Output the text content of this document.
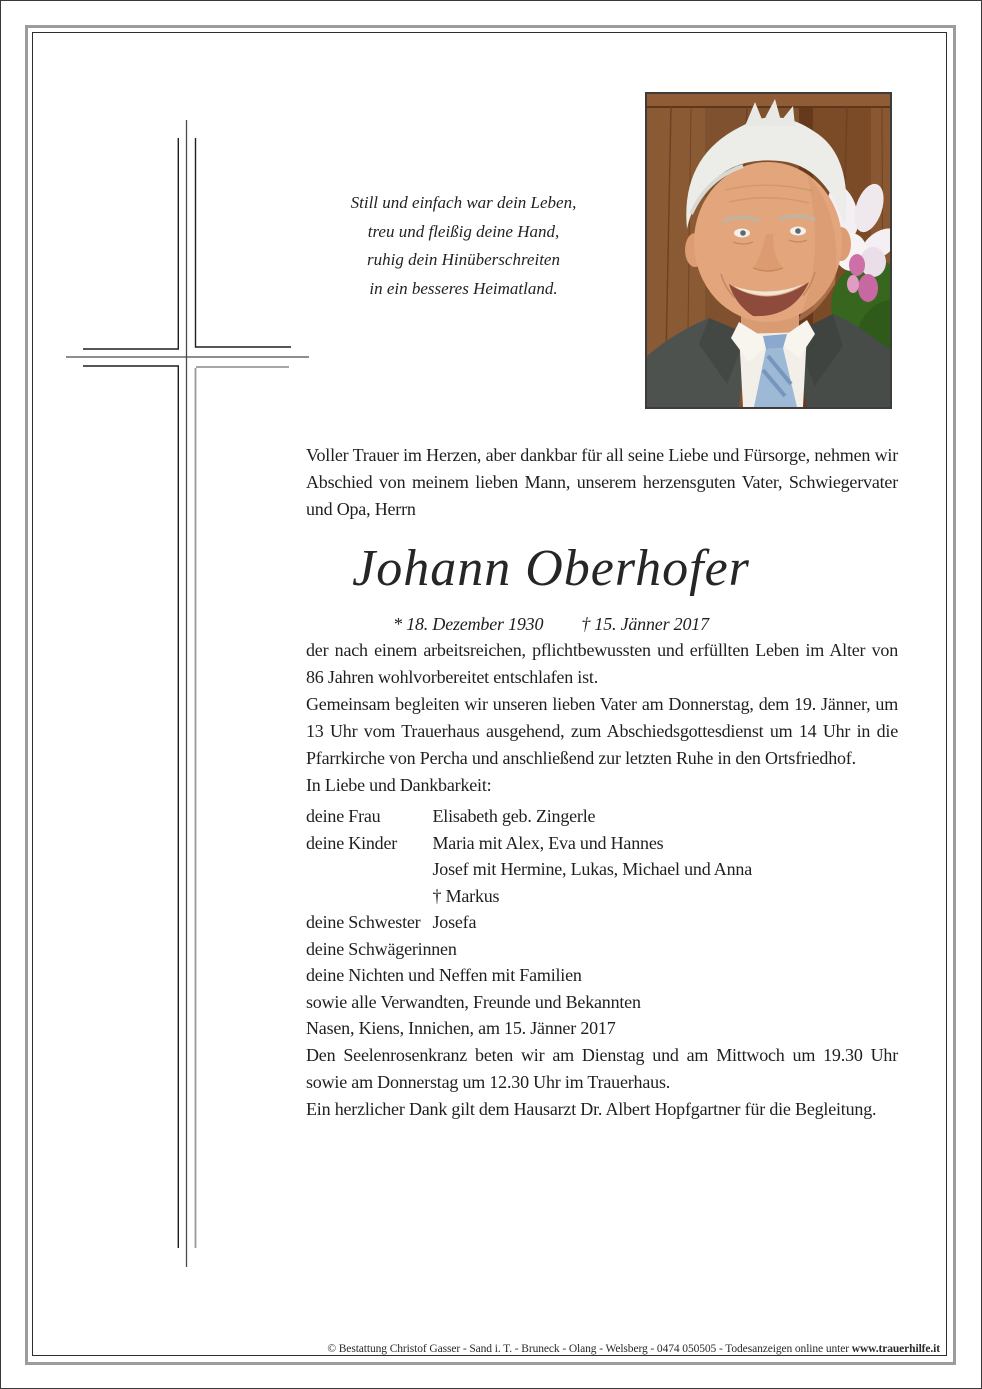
Still und einfach war dein Leben,
treu und fleißig deine Hand,
ruhig dein Hinüberschreiten
in ein besseres Heimatland.

Voller Trauer im Herzen, aber dankbar für all seine Liebe und Fürsorge, nehmen wir Abschied von meinem lieben Mann, unserem herzensguten Vater, Schwiegervater und Opa, Herrn

Johann Oberhofer
* 18. Dezember 1930 † 15. Jänner 2017

der nach einem arbeitsreichen, pflichtbewussten und erfüllten Leben im Alter von 86 Jahren wohlvorbereitet entschlafen ist.

Gemeinsam begleiten wir unseren lieben Vater am Donnerstag, dem 19. Jänner, um 13 Uhr vom Trauerhaus ausgehend, zum Abschiedsgottesdienst um 14 Uhr in die Pfarrkirche von Percha und anschließend zur letzten Ruhe in den Ortsfriedhof.

In Liebe und Dankbarkeit:

deine Frau	Elisabeth geb. Zingerle
deine Kinder	Maria mit Alex, Eva und Hannes
Josef mit Hermine, Lukas, Michael und Anna
† Markus
deine Schwester Josefa
deine Schwägerinnen
deine Nichten und Neffen mit Familien
sowie alle Verwandten, Freunde und Bekannten

Nasen, Kiens, Innichen, am 15. Jänner 2017

Den Seelenrosenkranz beten wir am Dienstag und am Mittwoch um 19.30 Uhr sowie am Donnerstag um 12.30 Uhr im Trauerhaus.

Ein herzlicher Dank gilt dem Hausarzt Dr. Albert Hopfgartner für die Begleitung.

© Bestattung Christof Gasser - Sand i. T. - Bruneck - Olang - Welsberg - 0474 050505 - Todesanzeigen online unter www.trauerhilfe.it
